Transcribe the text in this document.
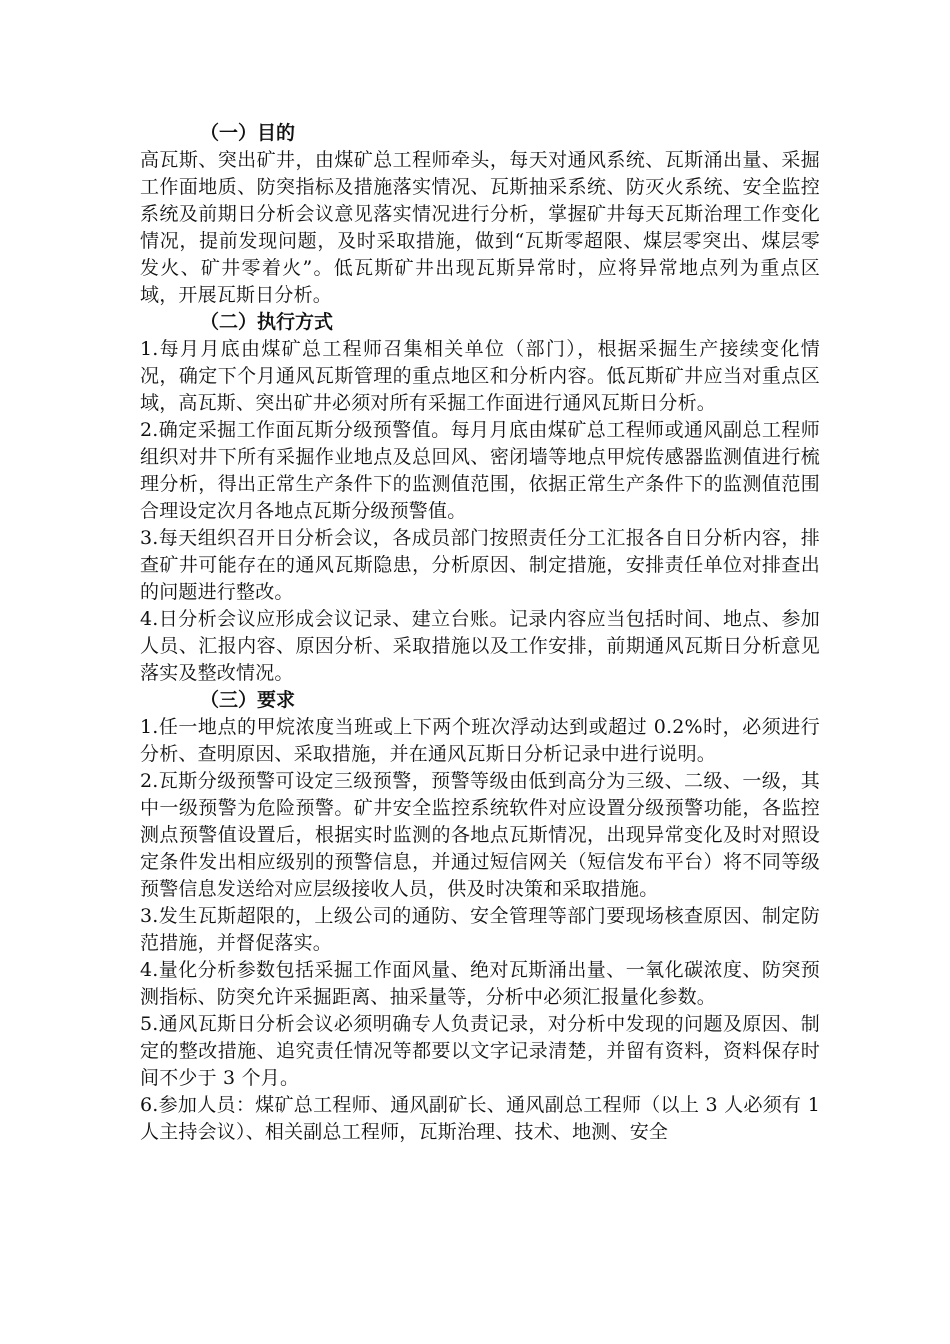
（一）目的

高瓦斯、突出矿井，由煤矿总工程师牵头，每天对通风系统、瓦斯涌出量、采掘工作面地质、防突指标及措施落实情况、瓦斯抽采系统、防灭火系统、安全监控系统及前期日分析会议意见落实情况进行分析，掌握矿井每天瓦斯治理工作变化情况，提前发现问题，及时采取措施，做到“瓦斯零超限、煤层零突出、煤层零发火、矿井零着火”。低瓦斯矿井出现瓦斯异常时，应将异常地点列为重点区域，开展瓦斯日分析。

（二）执行方式

1.每月月底由煤矿总工程师召集相关单位（部门），根据采掘生产接续变化情况，确定下个月通风瓦斯管理的重点地区和分析内容。低瓦斯矿井应当对重点区域，高瓦斯、突出矿井必须对所有采掘工作面进行通风瓦斯日分析。

2.确定采掘工作面瓦斯分级预警值。每月月底由煤矿总工程师或通风副总工程师组织对井下所有采掘作业地点及总回风、密闭墙等地点甲烷传感器监测值进行梳理分析，得出正常生产条件下的监测值范围，依据正常生产条件下的监测值范围合理设定次月各地点瓦斯分级预警值。

3.每天组织召开日分析会议，各成员部门按照责任分工汇报各自日分析内容，排查矿井可能存在的通风瓦斯隐患，分析原因、制定措施，安排责任单位对排查出的问题进行整改。

4.日分析会议应形成会议记录、建立台账。记录内容应当包括时间、地点、参加人员、汇报内容、原因分析、采取措施以及工作安排，前期通风瓦斯日分析意见落实及整改情况。

（三）要求

1.任一地点的甲烷浓度当班或上下两个班次浮动达到或超过 0.2%时，必须进行分析、查明原因、采取措施，并在通风瓦斯日分析记录中进行说明。

2.瓦斯分级预警可设定三级预警，预警等级由低到高分为三级、二级、一级，其中一级预警为危险预警。矿井安全监控系统软件对应设置分级预警功能，各监控测点预警值设置后，根据实时监测的各地点瓦斯情况，出现异常变化及时对照设定条件发出相应级别的预警信息，并通过短信网关（短信发布平台）将不同等级预警信息发送给对应层级接收人员，供及时决策和采取措施。

3.发生瓦斯超限的，上级公司的通防、安全管理等部门要现场核查原因、制定防范措施，并督促落实。

4.量化分析参数包括采掘工作面风量、绝对瓦斯涌出量、一氧化碳浓度、防突预测指标、防突允许采掘距离、抽采量等，分析中必须汇报量化参数。

5.通风瓦斯日分析会议必须明确专人负责记录，对分析中发现的问题及原因、制定的整改措施、追究责任情况等都要以文字记录清楚，并留有资料，资料保存时间不少于 3 个月。

6.参加人员：煤矿总工程师、通风副矿长、通风副总工程师（以上 3 人必须有 1 人主持会议）、相关副总工程师，瓦斯治理、技术、地测、安全
